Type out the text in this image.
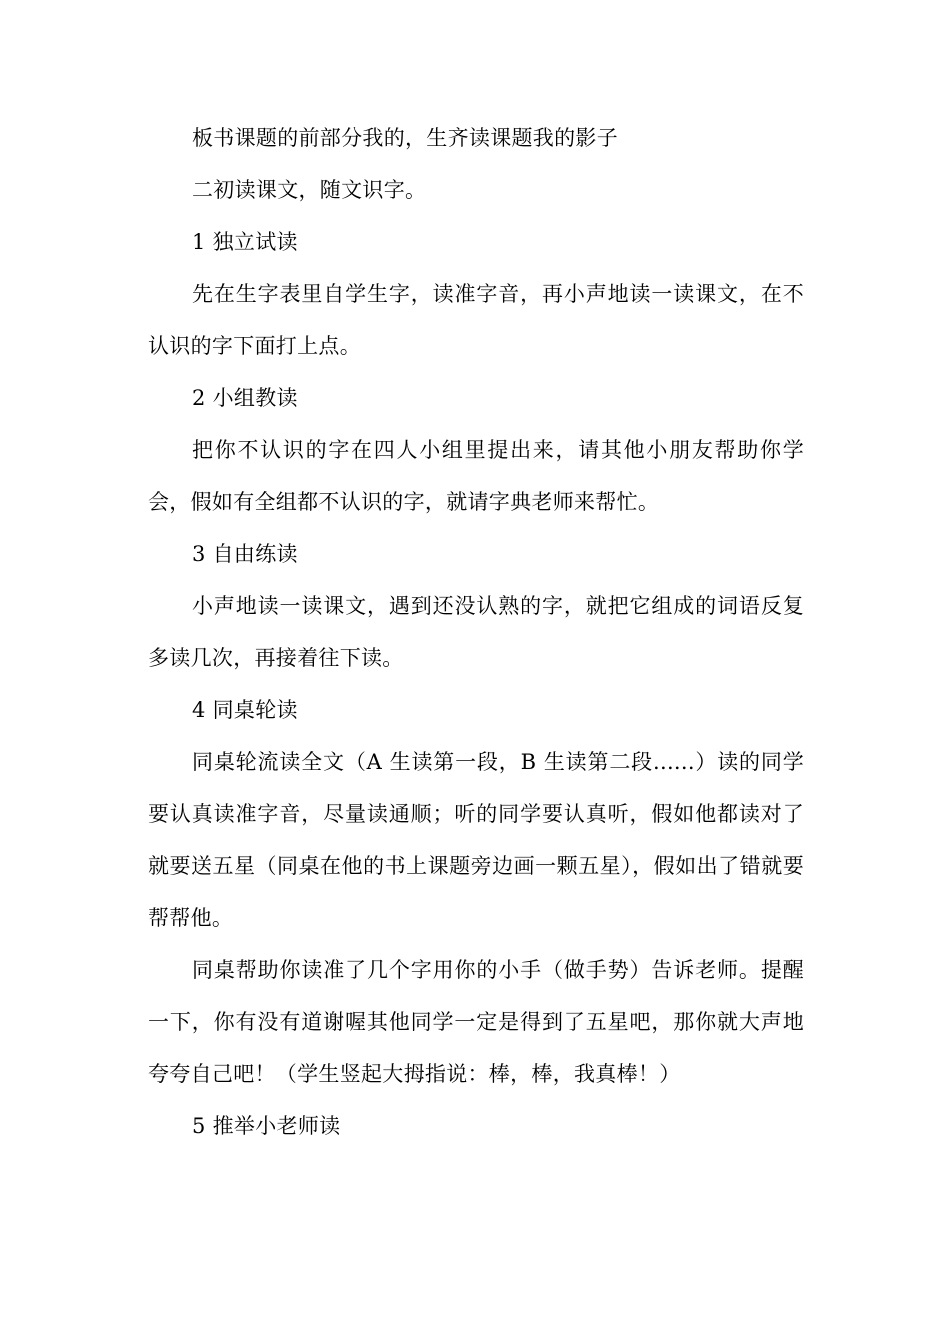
板书课题的前部分我的，生齐读课题我的影子

二初读课文，随文识字。

1 独立试读

先在生字表里自学生字，读准字音，再小声地读一读课文，在不认识的字下面打上点。

2 小组教读

把你不认识的字在四人小组里提出来，请其他小朋友帮助你学会，假如有全组都不认识的字，就请字典老师来帮忙。

3 自由练读

小声地读一读课文，遇到还没认熟的字，就把它组成的词语反复多读几次，再接着往下读。

4 同桌轮读

同桌轮流读全文（A 生读第一段，B 生读第二段......）读的同学要认真读准字音，尽量读通顺；听的同学要认真听，假如他都读对了就要送五星（同桌在他的书上课题旁边画一颗五星），假如出了错就要帮帮他。

同桌帮助你读准了几个字用你的小手（做手势）告诉老师。提醒一下，你有没有道谢喔其他同学一定是得到了五星吧，那你就大声地夸夸自己吧！（学生竖起大拇指说：棒，棒，我真棒！）

5 推举小老师读
